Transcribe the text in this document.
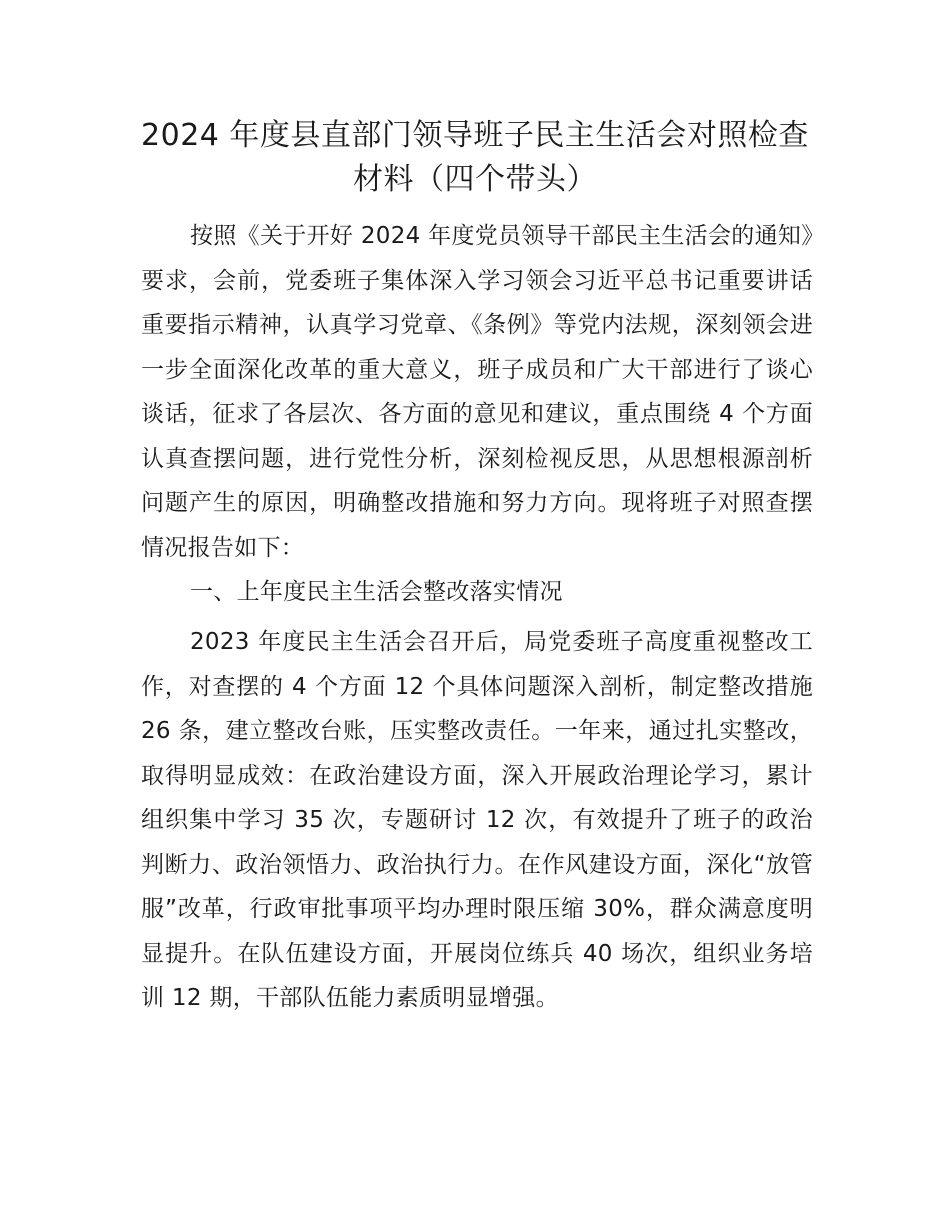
2024 年度县直部门领导班子民主生活会对照检查材料（四个带头）

按照《关于开好 2024 年度党员领导干部民主生活会的通知》要求，会前，党委班子集体深入学习领会习近平总书记重要讲话重要指示精神，认真学习党章、《条例》等党内法规，深刻领会进一步全面深化改革的重大意义，班子成员和广大干部进行了谈心谈话，征求了各层次、各方面的意见和建议，重点围绕 4 个方面认真查摆问题，进行党性分析，深刻检视反思，从思想根源剖析问题产生的原因，明确整改措施和努力方向。现将班子对照查摆情况报告如下：

一、上年度民主生活会整改落实情况

2023 年度民主生活会召开后，局党委班子高度重视整改工作，对查摆的 4 个方面 12 个具体问题深入剖析，制定整改措施 26 条，建立整改台账，压实整改责任。一年来，通过扎实整改，取得明显成效：在政治建设方面，深入开展政治理论学习，累计组织集中学习 35 次，专题研讨 12 次，有效提升了班子的政治判断力、政治领悟力、政治执行力。在作风建设方面，深化“放管服”改革，行政审批事项平均办理时限压缩 30%，群众满意度明显提升。在队伍建设方面，开展岗位练兵 40 场次，组织业务培训 12 期，干部队伍能力素质明显增强。
